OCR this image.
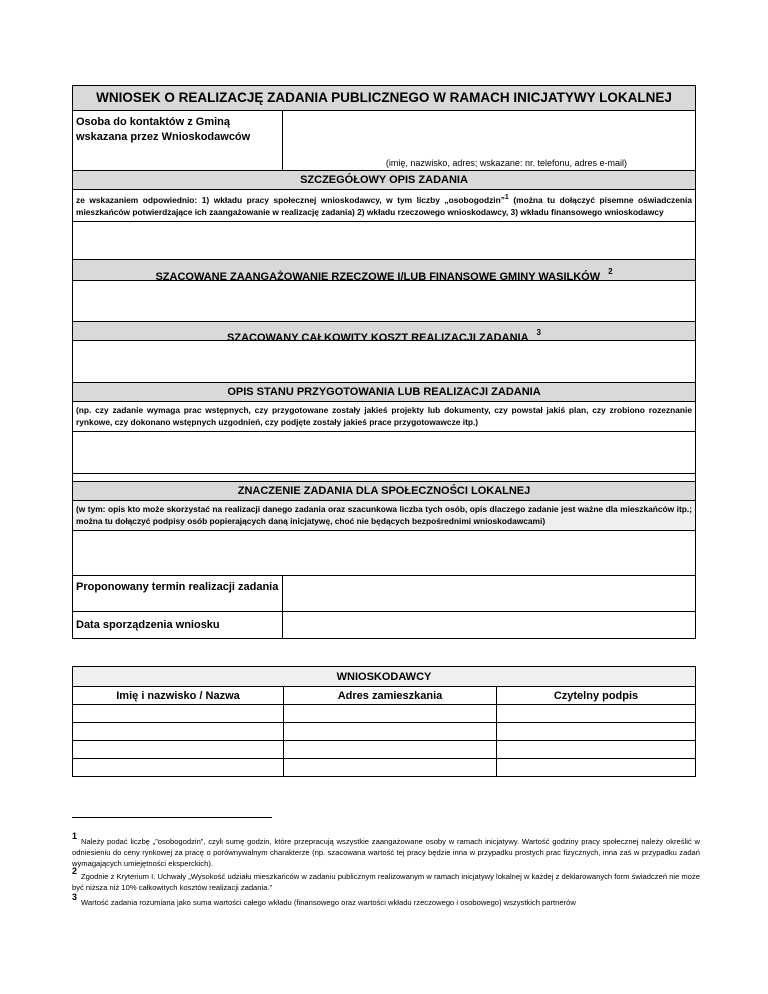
WNIOSEK O REALIZACJĘ ZADANIA PUBLICZNEGO W RAMACH INICJATYWY LOKALNEJ
Osoba do kontaktów z Gminą wskazana przez Wnioskodawców
(imię, nazwisko, adres; wskazane: nr. telefonu, adres e-mail)
SZCZEGÓŁOWY OPIS ZADANIA
ze wskazaniem odpowiednio: 1) wkładu pracy społecznej wnioskodawcy, w tym liczby „osobogodzin”$^1$ (można tu dołączyć pisemne oświadczenia mieszkańców potwierdzające ich zaangażowanie w realizację zadania) 2) wkładu rzeczowego wnioskodawcy, 3) wkładu finansowego wnioskodawcy
SZACOWANE ZAANGAŻOWANIE RZECZOWE I/LUB FINANSOWE GMINY WASILKÓW $^2$
SZACOWANY CAŁKOWITY KOSZT REALIZACJI ZADANIA $^3$
OPIS STANU PRZYGOTOWANIA LUB REALIZACJI ZADANIA
(np. czy zadanie wymaga prac wstępnych, czy przygotowane zostały jakieś projekty lub dokumenty, czy powstał jakiś plan, czy zrobiono rozeznanie rynkowe, czy dokonano wstępnych uzgodnień, czy podjęte zostały jakieś prace przygotowawcze itp.)
ZNACZENIE ZADANIA DLA SPOŁECZNOŚCI LOKALNEJ
(w tym: opis kto może skorzystać na realizacji danego zadania oraz szacunkowa liczba tych osób, opis dlaczego zadanie jest ważne dla mieszkańców itp.; można tu dołączyć podpisy osób popierających daną inicjatywę, choć nie będących bezpośrednimi wnioskodawcami)
Proponowany termin realizacji zadania
Data sporządzenia wniosku
WNIOSKODAWCY		
Imię i nazwisko / Nazwa	Adres zamieszkania	Czytelny podpis

1Należy podać liczbę „”osobogodzin”, czyli sumę godzin, które przepracują wszystkie zaangażowane osoby w ramach inicjatywy. Wartość godziny pracy społecznej należy określić w odniesieniu do ceny rynkowej za pracę o porównywalnym charakterze (np. szacowana wartość tej pracy będzie inna w przypadku prostych prac fizycznych, inna zaś w przypadku zadań wymagających umiejętności eksperckich).
2Zgodnie z Kryterium I. Uchwały „Wysokość udziału mieszkańców w zadaniu publicznym realizowanym w ramach inicjatywy lokalnej w każdej z deklarowanych form świadczeń nie może być niższa niż 10% całkowitych kosztów realizacji zadania.”
3Wartość zadania rozumiana jako suma wartości całego wkładu (finansowego oraz wartości wkładu rzeczowego i osobowego) wszystkich partnerów
